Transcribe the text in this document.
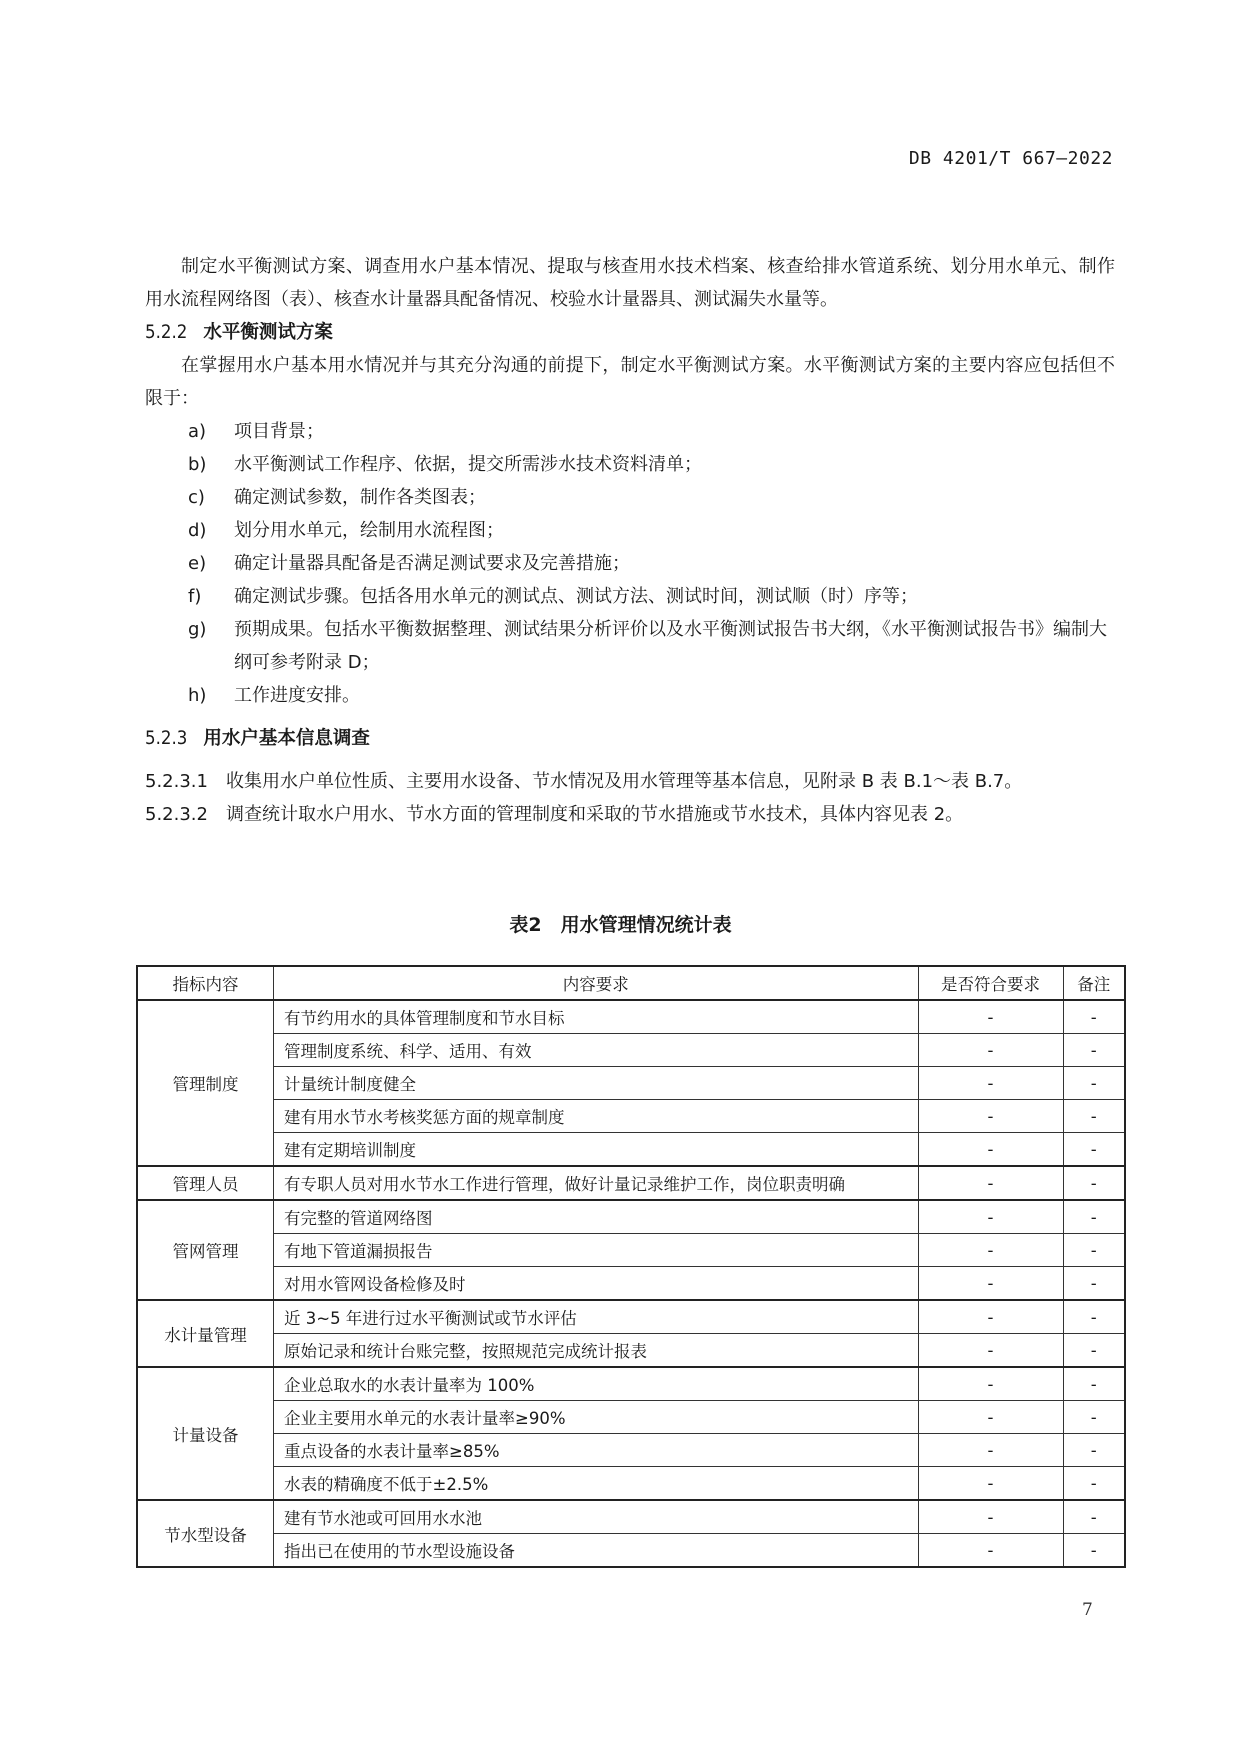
DB 4201/T 667—2022

制定水平衡测试方案、调查用水户基本情况、提取与核查用水技术档案、核查给排水管道系统、划分用水单元、制作用水流程网络图（表）、核查水计量器具配备情况、校验水计量器具、测试漏失水量等。

5.2.2 水平衡测试方案

在掌握用水户基本用水情况并与其充分沟通的前提下，制定水平衡测试方案。水平衡测试方案的主要内容应包括但不限于：

a)	项目背景；
b)	水平衡测试工作程序、依据，提交所需涉水技术资料清单；
c)	确定测试参数，制作各类图表；
d)	划分用水单元，绘制用水流程图；
e)	确定计量器具配备是否满足测试要求及完善措施；
f)	确定测试步骤。包括各用水单元的测试点、测试方法、测试时间，测试顺（时）序等；
g)	预期成果。包括水平衡数据整理、测试结果分析评价以及水平衡测试报告书大纲，《水平衡测试报告书》编制大纲可参考附录 D；
h)	工作进度安排。
5.2.3 用水户基本信息调查

5.2.3.1 收集用水户单位性质、主要用水设备、节水情况及用水管理等基本信息，见附录 B 表 B.1～表 B.7。

5.2.3.2 调查统计取水户用水、节水方面的管理制度和采取的节水措施或节水技术，具体内容见表 2。

表2　用水管理情况统计表
指标内容	内容要求	是否符合要求	备注
管理制度	有节约用水的具体管理制度和节水目标	-	-
	管理制度系统、科学、适用、有效	-	-
	计量统计制度健全	-	-
	建有用水节水考核奖惩方面的规章制度	-	-
	建有定期培训制度	-	-
管理人员	有专职人员对用水节水工作进行管理，做好计量记录维护工作，岗位职责明确	-	-
管网管理	有完整的管道网络图	-	-
	有地下管道漏损报告	-	-
	对用水管网设备检修及时	-	-
水计量管理	近 3~5 年进行过水平衡测试或节水评估	-	-
	原始记录和统计台账完整，按照规范完成统计报表	-	-
计量设备	企业总取水的水表计量率为 100%	-	-
	企业主要用水单元的水表计量率≥90%	-	-
	重点设备的水表计量率≥85%	-	-
	水表的精确度不低于±2.5%	-	-
节水型设备	建有节水池或可回用水水池	-	-
	指出已在使用的节水型设施设备	-	-
7
